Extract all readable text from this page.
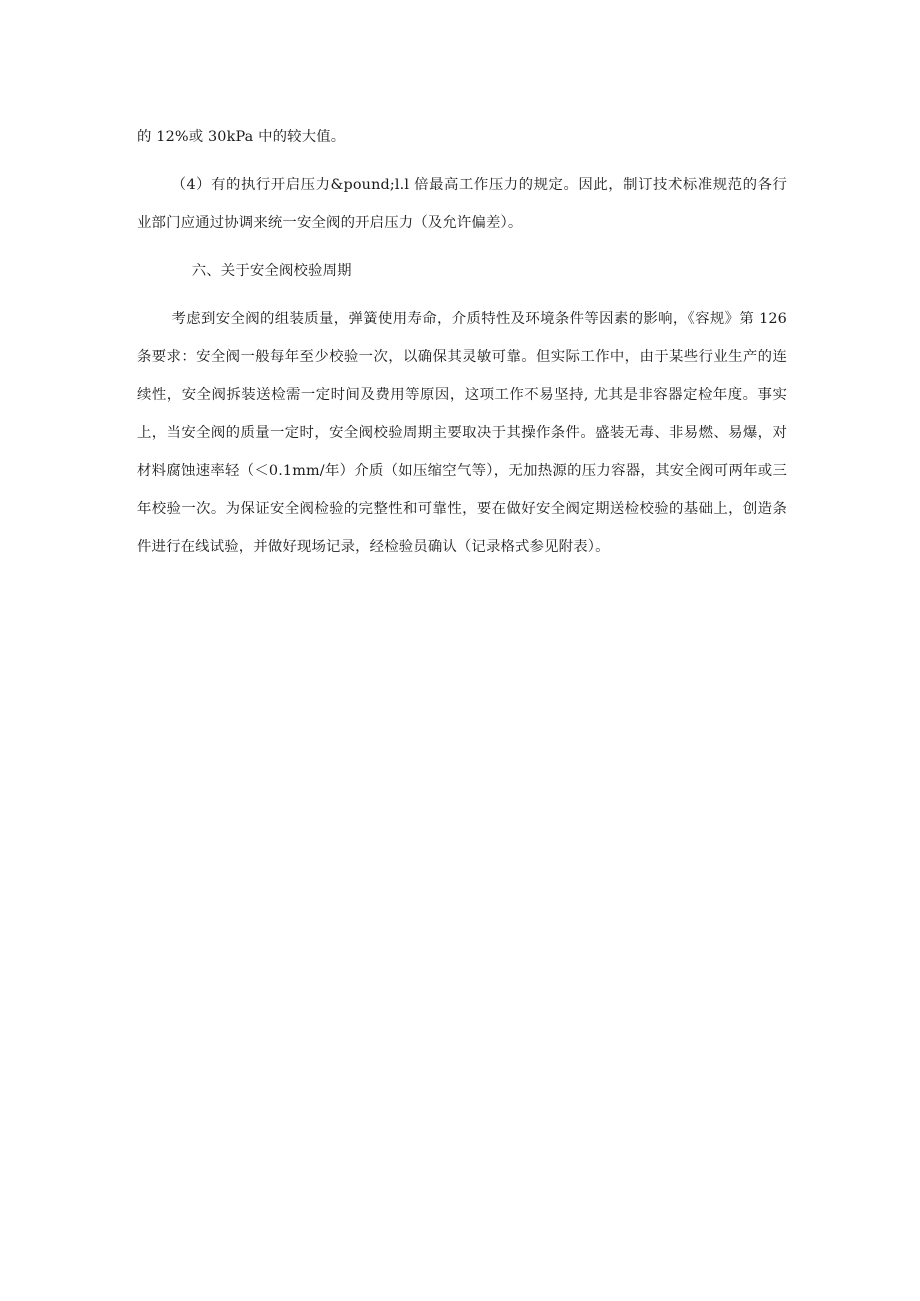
的 12%或 30kPa 中的较大值。

（4）有的执行开启压力&pound;l.l 倍最高工作压力的规定。因此，制订技术标准规范的各行业部门应通过协调来统一安全阀的开启压力（及允许偏差）。

六、关于安全阀校验周期

考虑到安全阀的组装质量，弹簧使用寿命，介质特性及环境条件等因素的影响，《容规》第 126 条要求：安全阀一般每年至少校验一次，以确保其灵敏可靠。但实际工作中，由于某些行业生产的连续性，安全阀拆装送检需一定时间及费用等原因，这项工作不易坚持, 尤其是非容器定检年度。事实上，当安全阀的质量一定时，安全阀校验周期主要取决于其操作条件。盛装无毒、非易燃、易爆，对材料腐蚀速率轻（＜0.1mm/年）介质（如压缩空气等），无加热源的压力容器，其安全阀可两年或三年校验一次。为保证安全阀检验的完整性和可靠性，要在做好安全阀定期送检校验的基础上，创造条件进行在线试验，并做好现场记录，经检验员确认（记录格式参见附表）。
